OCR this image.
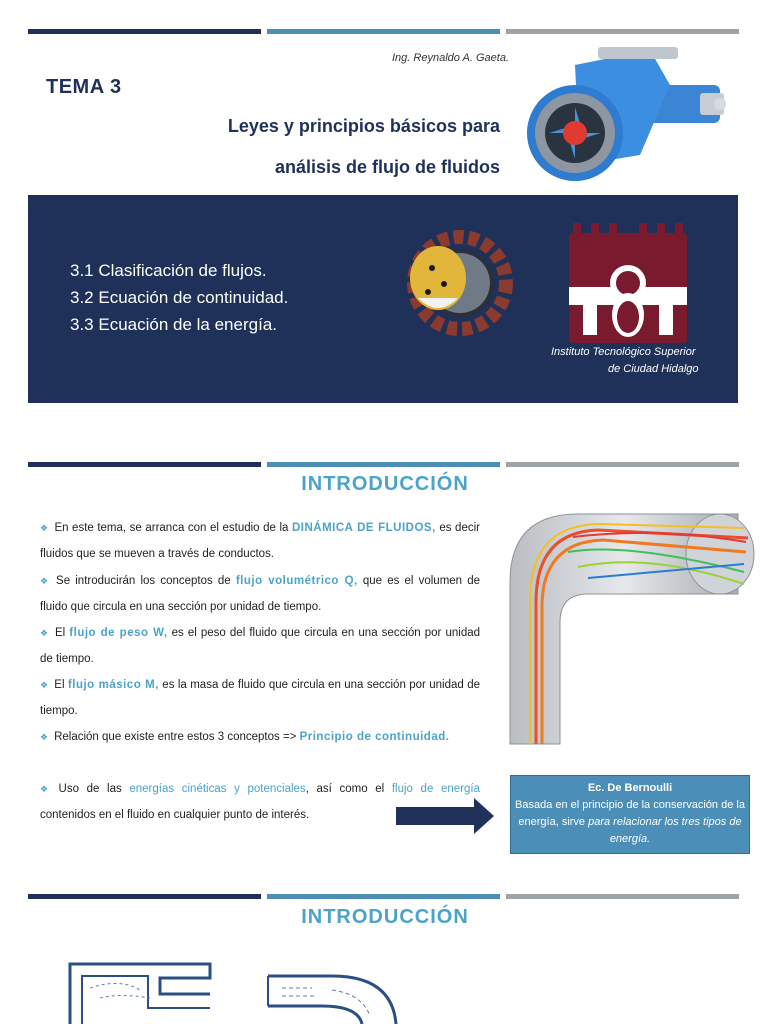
Ing. Reynaldo A. Gaeta.
TEMA 3
Leyes y principios básicos para
análisis de flujo de fluidos
3.1 Clasificación de flujos.
3.2 Ecuación de continuidad.
3.3 Ecuación de la energía.
Instituto Tecnológico Superior
de Ciudad Hidalgo
INTRODUCCIÓN
❖ En este tema, se arranca con el estudio de la DINÁMICA DE FLUIDOS, es decir fluidos que se mueven a través de conductos.
❖ Se introducirán los conceptos de flujo volumétrico Q, que es el volumen de fluido que circula en una sección por unidad de tiempo.
❖ El flujo de peso W, es el peso del fluido que circula en una sección por unidad de tiempo.
❖ El flujo másico M, es la masa de fluido que circula en una sección por unidad de tiempo.
❖ Relación que existe entre estos 3 conceptos => Principio de continuidad.
❖ Uso de las energías cinéticas y potenciales, así como el flujo de energía contenidos en el fluido en cualquier punto de interés.
Ec. De Bernoulli
Basada en el principio de la conservación de la energía, sirve para relacionar los tres tipos de energía.
INTRODUCCIÓN
